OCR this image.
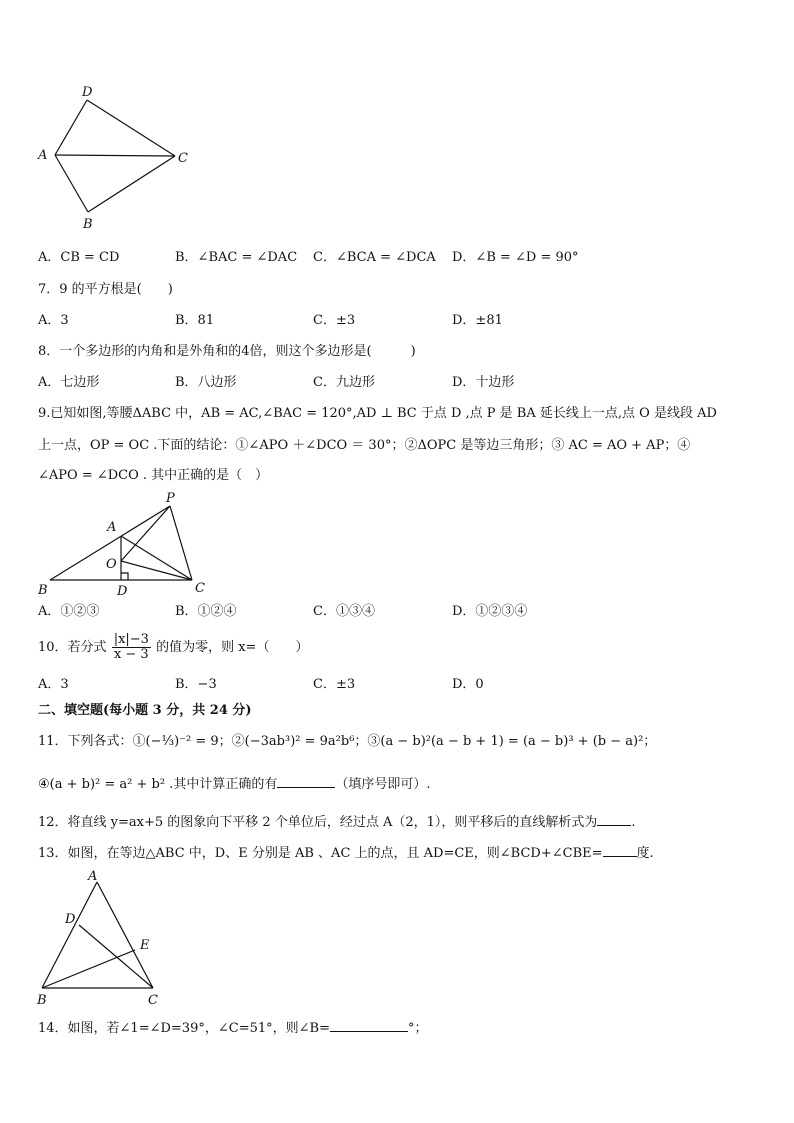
D
A	C
B
A．CB = CD	B．∠BAC = ∠DAC C．∠BCA = ∠DCA D．∠B = ∠D = 90°
7．9 的平方根是(　　)
A．3	B．81	C．±3	D．±81
8．一个多边形的内角和是外角和的4倍，则这个多边形是(　　　)
A．七边形	B．八边形	C．九边形	D．十边形
9.已知如图,等腰ΔABC 中，AB = AC,∠BAC = 120°,AD ⊥ BC 于点 D ,点 P 是 BA 延长线上一点,点 O 是线段 AD
上一点，OP = OC .下面的结论：①∠APO ＋∠DCO ＝ 30°；②ΔOPC 是等边三角形；③ AC = AO + AP；④
∠APO = ∠DCO . 其中正确的是（　）
P
A
O
B	D	C
A．①②③	B．①②④	C．①③④	D．①②③④
10．若分式 $\frac{|x|-3}{x - 3}$ 的值为零，则 x=（　　）
A．3	B．−3	C．±3	D．0
二、填空题(每小题 3 分，共 24 分)
11．下列各式：①(−⅓)⁻² = 9；②(−3ab³)² = 9a²b⁶；③(a − b)²(a − b + 1) = (a − b)³ + (b − a)²；
④(a + b)² = a² + b² .其中计算正确的有	（填序号即可）.
12．将直线 y=ax+5 的图象向下平移 2 个单位后，经过点 A（2，1），则平移后的直线解析式为	.
13．如图，在等边△ABC 中，D、E 分别是 AB 、AC 上的点，且 AD=CE，则∠BCD+∠CBE=	度.
A
D
E
B	C
14．如图，若∠1=∠D=39°，∠C=51°，则∠B=	°；
